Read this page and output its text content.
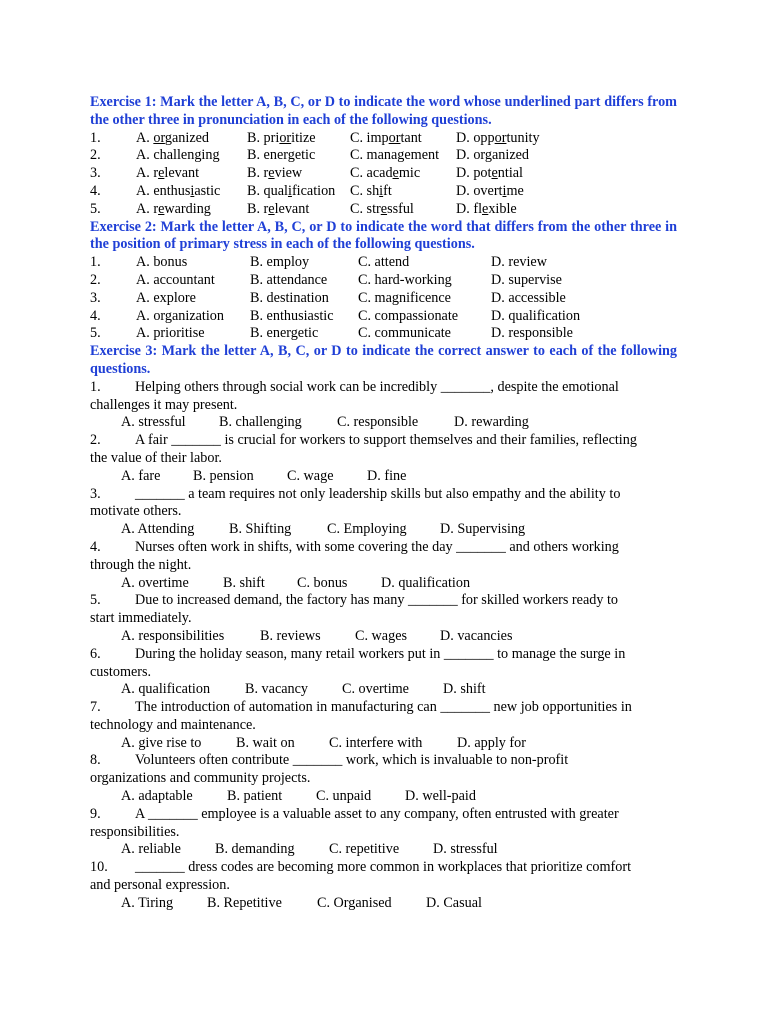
Exercise 1: Mark the letter A, B, C, or D to indicate the word whose underlined part differs from the other three in pronunciation in each of the following questions.
1. A. organized	B. prioritize C. important D. opportunity
2. A. challenging B. energetic C. management D. organized
3. A. relevant	B. review	C. academic	D. potential
4. A. enthusiastic B. qualification C. shift	D. overtime
5. A. rewarding	B. relevant	C. stressful	D. flexible
Exercise 2: Mark the letter A, B, C, or D to indicate the word that differs from the other three in the position of primary stress in each of the following questions.
1. A. bonus	B. employ	C. attend	D. review
2. A. accountant B. attendance C. hard-working	D. supervise
3. A. explore	B. destination C. magnificence	D. accessible
4. A. organization B. enthusiastic C. compassionate D. qualification
5. A. prioritise	B. energetic	C. communicate	D. responsible
Exercise 3: Mark the letter A, B, C, or D to indicate the correct answer to each of the following questions.
1. Helping others through social work can be incredibly _______, despite the emotional
challenges it may present.
A. stressful B. challenging C. responsible	D. rewarding
2. A fair _______ is crucial for workers to support themselves and their families, reflecting
the value of their labor.
A. fare B. pension C. wage D. fine
3. _______ a team requires not only leadership skills but also empathy and the ability to
motivate others.
A. Attending B. Shifting	C. Employing D. Supervising
4. Nurses often work in shifts, with some covering the day _______ and others working
through the night.
A. overtime B. shift C. bonus D. qualification
5. Due to increased demand, the factory has many _______ for skilled workers ready to
start immediately.
A. responsibilities	B. reviews C. wages D. vacancies
6. During the holiday season, many retail workers put in _______ to manage the surge in
customers.
A. qualification B. vacancy C. overtime D. shift
7. The introduction of automation in manufacturing can _______ new job opportunities in
technology and maintenance.
A. give rise to B. wait on C. interfere with D. apply for
8. Volunteers often contribute _______ work, which is invaluable to non-profit
organizations and community projects.
A. adaptable B. patient C. unpaid D. well-paid
9. A _______ employee is a valuable asset to any company, often entrusted with greater
responsibilities.
A. reliable B. demanding C. repetitive D. stressful
10. _______ dress codes are becoming more common in workplaces that prioritize comfort
and personal expression.
A. Tiring B. Repetitive C. Organised D. Casual
